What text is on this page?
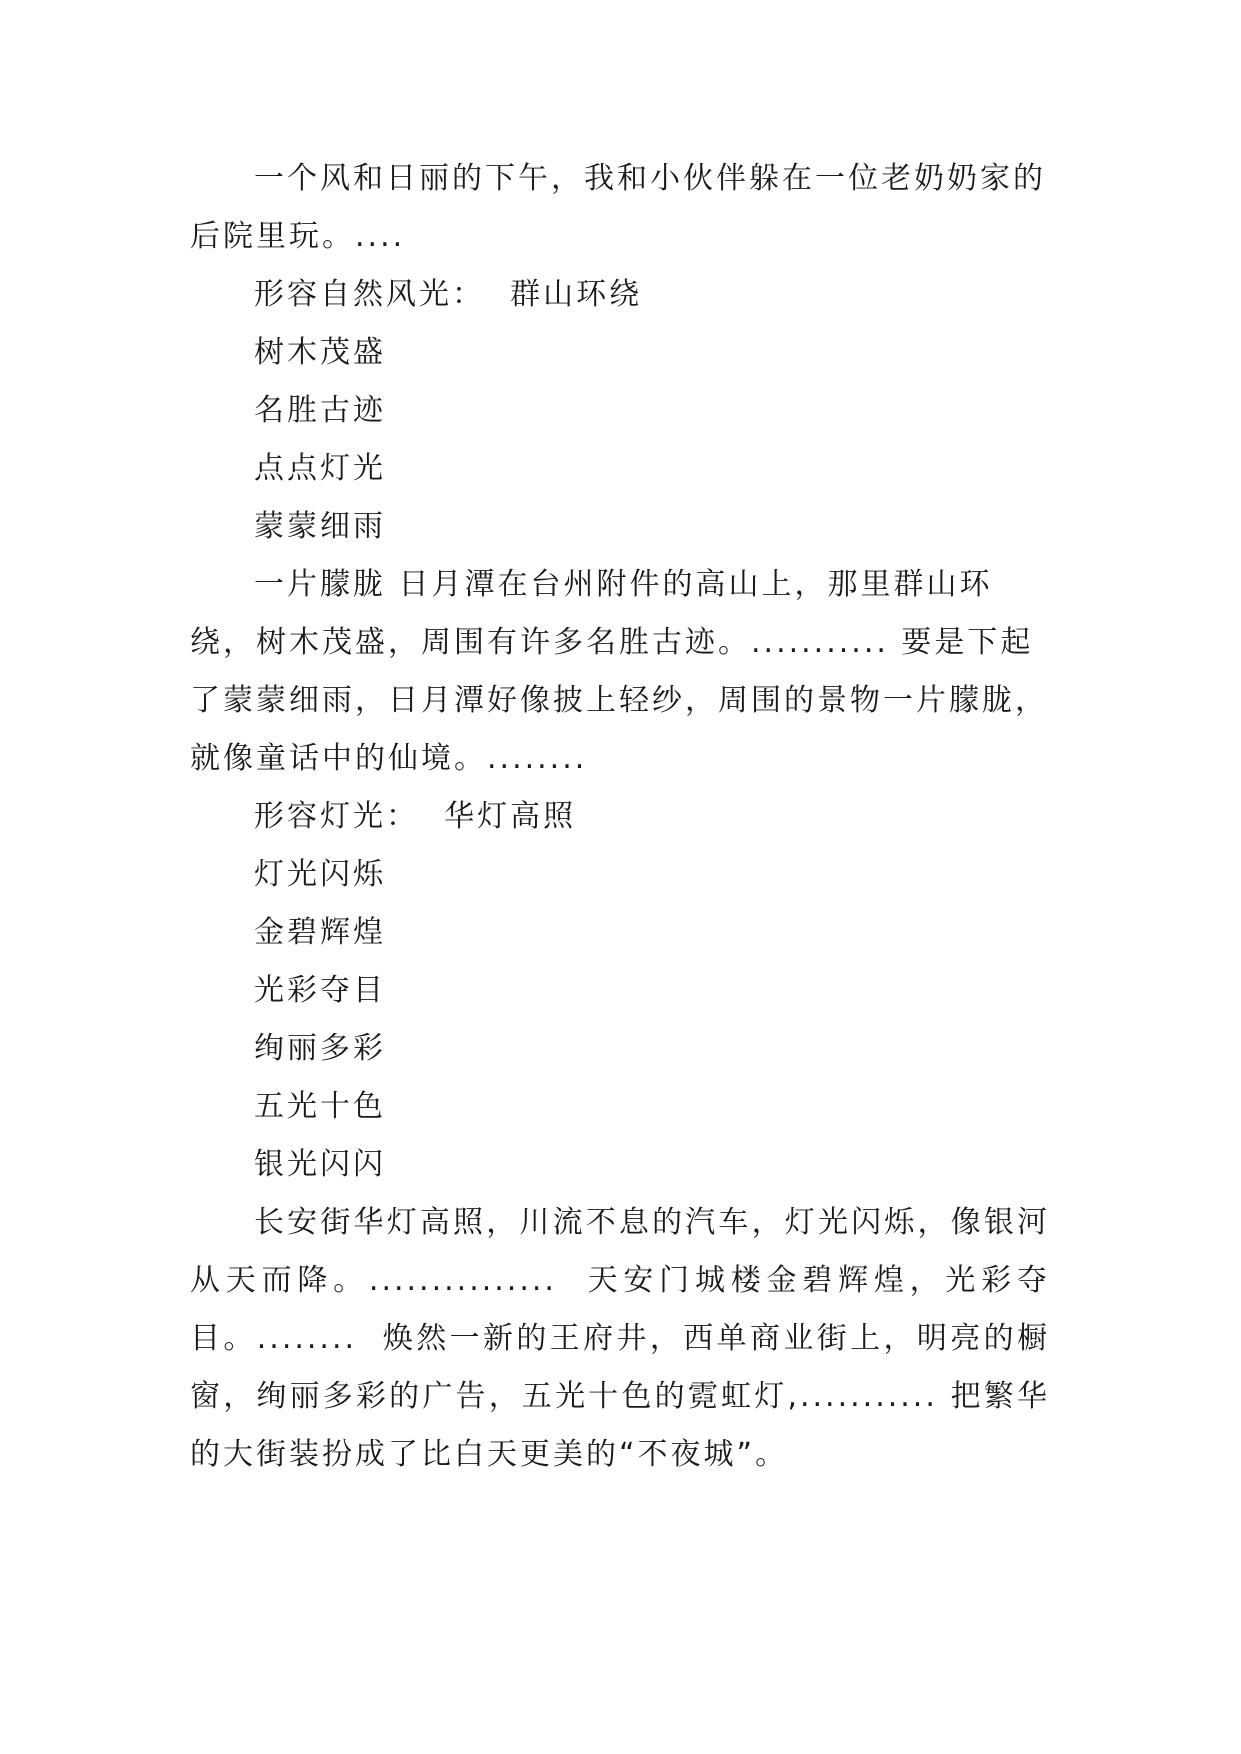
一个风和日丽的下午，我和小伙伴躲在一位老奶奶家的后院里玩。....

形容自然风光：  群山环绕

树木茂盛

名胜古迹

点点灯光

蒙蒙细雨

一片朦胧 日月潭在台州附件的高山上，那里群山环绕，树木茂盛，周围有许多名胜古迹。........... 要是下起了蒙蒙细雨，日月潭好像披上轻纱，周围的景物一片朦胧，就像童话中的仙境。........

形容灯光：  华灯高照

灯光闪烁

金碧辉煌

光彩夺目

绚丽多彩

五光十色

银光闪闪

长安街华灯高照，川流不息的汽车，灯光闪烁，像银河从天而降。...............  天安门城楼金碧辉煌，光彩夺目。........  焕然一新的王府井，西单商业街上，明亮的橱窗，绚丽多彩的广告，五光十色的霓虹灯,........... 把繁华的大街装扮成了比白天更美的“不夜城”。
